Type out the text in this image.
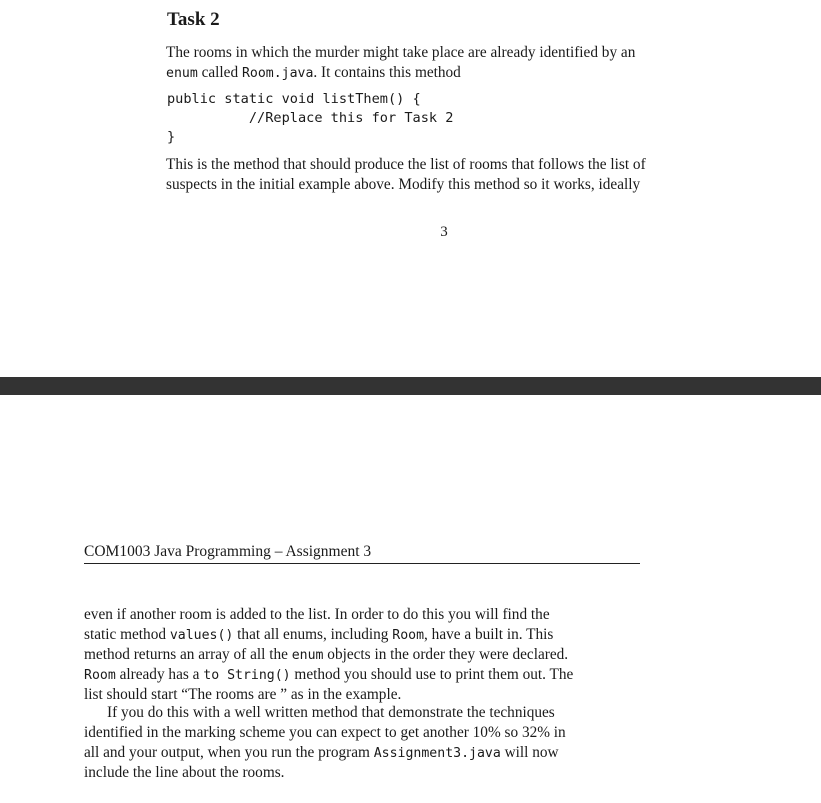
Task 2
The rooms in which the murder might take place are already identified by an
enum called Room.java. It contains this method
public static void listThem() {
//Replace this for Task 2
}
This is the method that should produce the list of rooms that follows the list of
suspects in the initial example above. Modify this method so it works, ideally
3
COM1003 Java Programming – Assignment 3
even if another room is added to the list. In order to do this you will find the
static method values() that all enums, including Room, have a built in. This
method returns an array of all the enum objects in the order they were declared.
Room already has a to String() method you should use to print them out. The
list should start “The rooms are ” as in the example.
If you do this with a well written method that demonstrate the techniques
identified in the marking scheme you can expect to get another 10% so 32% in
all and your output, when you run the program Assignment3.java will now
include the line about the rooms.
